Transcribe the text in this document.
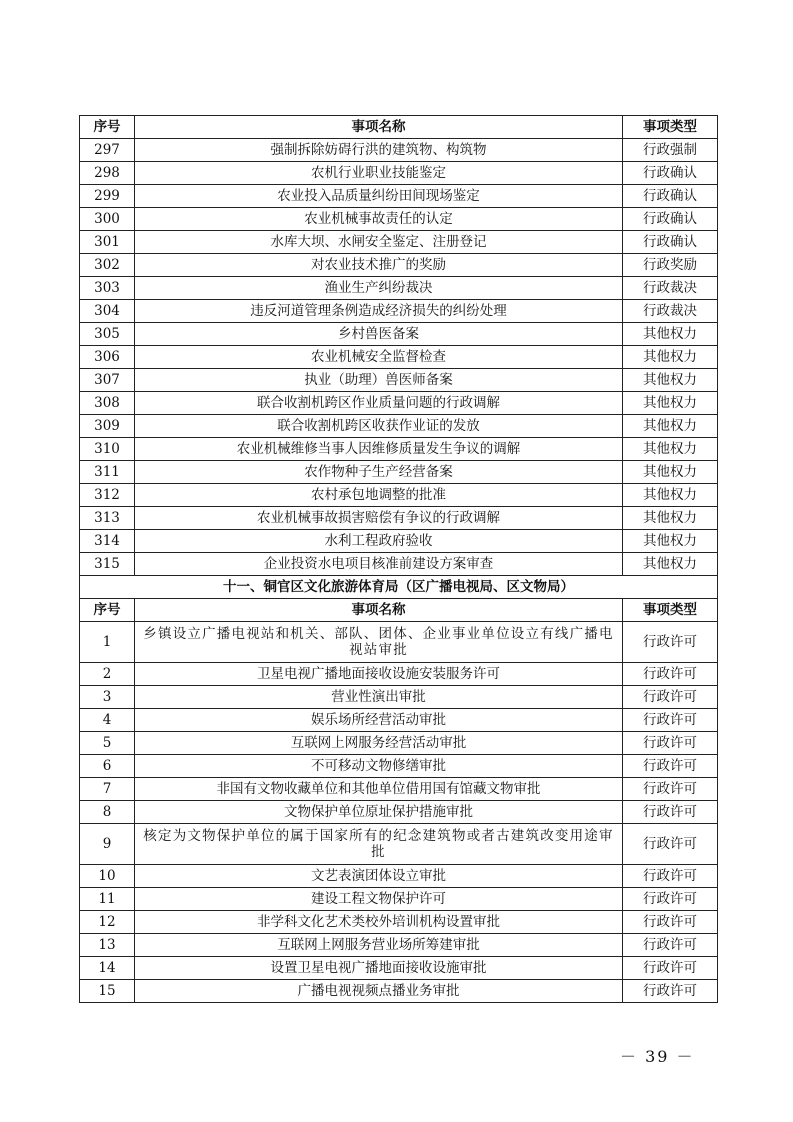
序号	事项名称	事项类型
297	强制拆除妨碍行洪的建筑物、构筑物	行政强制
298	农机行业职业技能鉴定	行政确认
299	农业投入品质量纠纷田间现场鉴定	行政确认
300	农业机械事故责任的认定	行政确认
301	水库大坝、水闸安全鉴定、注册登记	行政确认
302	对农业技术推广的奖励	行政奖励
303	渔业生产纠纷裁决	行政裁决
304	违反河道管理条例造成经济损失的纠纷处理	行政裁决
305	乡村兽医备案	其他权力
306	农业机械安全监督检查	其他权力
307	执业（助理）兽医师备案	其他权力
308	联合收割机跨区作业质量问题的行政调解	其他权力
309	联合收割机跨区收获作业证的发放	其他权力
310	农业机械维修当事人因维修质量发生争议的调解	其他权力
311	农作物种子生产经营备案	其他权力
312	农村承包地调整的批准	其他权力
313	农业机械事故损害赔偿有争议的行政调解	其他权力
314	水利工程政府验收	其他权力
315	企业投资水电项目核准前建设方案审查	其他权力
十一、铜官区文化旅游体育局（区广播电视局、区文物局）		
序号	事项名称	事项类型
1	乡镇设立广播电视站和机关、部队、团体、企业事业单位设立有线广播电视站审批	行政许可
2	卫星电视广播地面接收设施安装服务许可	行政许可
3	营业性演出审批	行政许可
4	娱乐场所经营活动审批	行政许可
5	互联网上网服务经营活动审批	行政许可
6	不可移动文物修缮审批	行政许可
7	非国有文物收藏单位和其他单位借用国有馆藏文物审批	行政许可
8	文物保护单位原址保护措施审批	行政许可
9	核定为文物保护单位的属于国家所有的纪念建筑物或者古建筑改变用途审批	行政许可
10	文艺表演团体设立审批	行政许可
11	建设工程文物保护许可	行政许可
12	非学科文化艺术类校外培训机构设置审批	行政许可
13	互联网上网服务营业场所筹建审批	行政许可
14	设置卫星电视广播地面接收设施审批	行政许可
15	广播电视视频点播业务审批	行政许可
－ 39 －
